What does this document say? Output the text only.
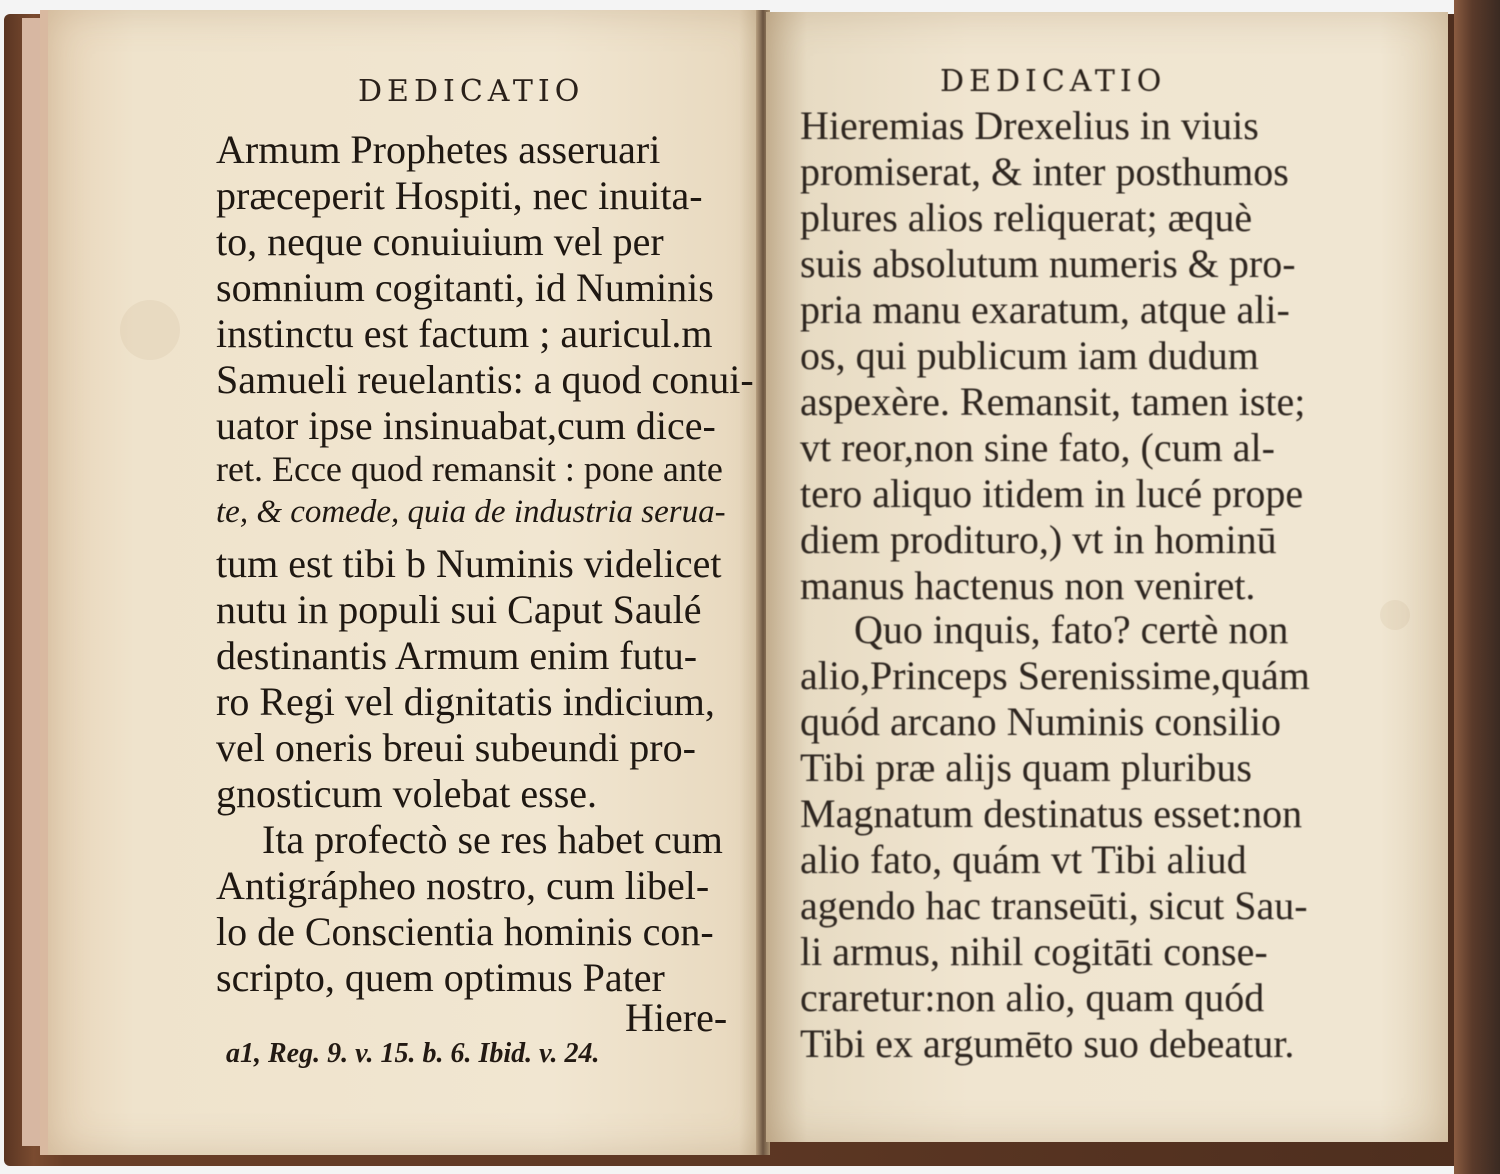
DEDICATIO
Armum Prophetes asseruari
præceperit Hospiti, nec inuita-
to, neque conuiuium vel per
somnium cogitanti, id Numinis
instinctu est factum ; auricul.m
Samueli reuelantis: a quod conui-
uator ipse insinuabat,cum dice-
ret. Ecce quod remansit : pone ante
te, & comede, quia de industria serua-
tum est tibi b Numinis videlicet
nutu in populi sui Caput Saulé
destinantis Armum enim futu-
ro Regi vel dignitatis indicium,
vel oneris breui subeundi pro-
gnosticum volebat esse.
Ita profectò se res habet cum
Antigrápheo nostro, cum libel-
lo de Conscientia hominis con-
scripto, quem optimus Pater
Hiere-
a1, Reg. 9. v. 15. b. 6. Ibid. v. 24.
DEDICATIO
Hieremias Drexelius in viuis
promiserat, & inter posthumos
plures alios reliquerat; æquè
suis absolutum numeris & pro-
pria manu exaratum, atque ali-
os, qui publicum iam dudum
aspexère. Remansit, tamen iste;
vt reor,non sine fato, (cum al-
tero aliquo itidem in lucé prope
diem prodituro,) vt in hominū
manus hactenus non veniret.
Quo inquis, fato? certè non
alio,Princeps Serenissime,quám
quód arcano Numinis consilio
Tibi præ alijs quam pluribus
Magnatum destinatus esset:non
alio fato, quám vt Tibi aliud
agendo hac transeūti, sicut Sau-
li armus, nihil cogitāti conse-
craretur:non alio, quam quód
Tibi ex argumēto suo debeatur.
